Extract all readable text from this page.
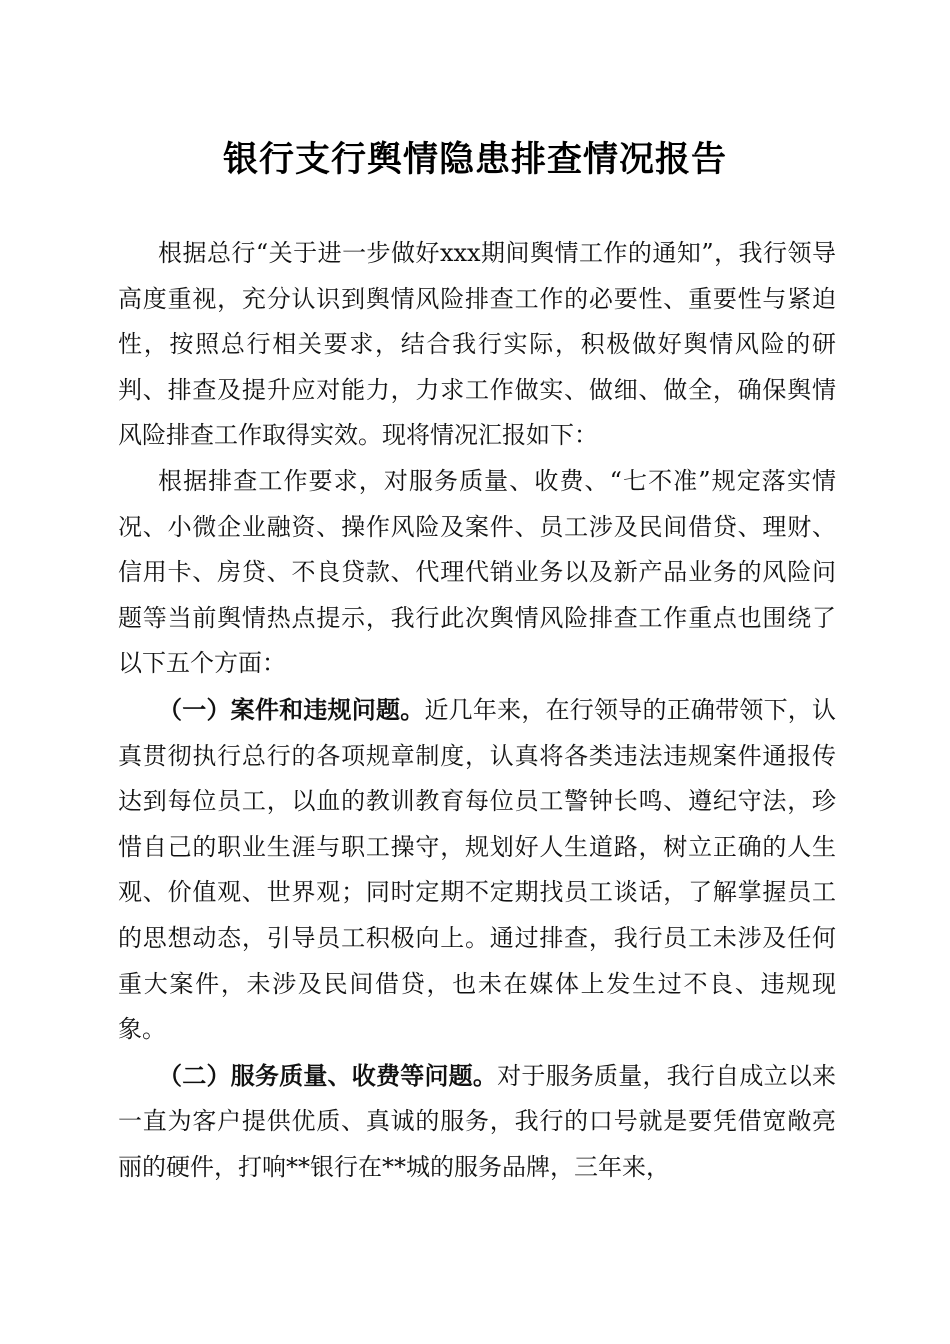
银行支行舆情隐患排查情况报告

根据总行“关于进一步做好xxx期间舆情工作的通知”，我行领导高度重视，充分认识到舆情风险排查工作的必要性、重要性与紧迫性，按照总行相关要求，结合我行实际，积极做好舆情风险的研判、排查及提升应对能力，力求工作做实、做细、做全，确保舆情风险排查工作取得实效。现将情况汇报如下：

根据排查工作要求，对服务质量、收费、“七不准”规定落实情况、小微企业融资、操作风险及案件、员工涉及民间借贷、理财、信用卡、房贷、不良贷款、代理代销业务以及新产品业务的风险问题等当前舆情热点提示，我行此次舆情风险排查工作重点也围绕了以下五个方面：

（一）案件和违规问题。近几年来，在行领导的正确带领下，认真贯彻执行总行的各项规章制度，认真将各类违法违规案件通报传达到每位员工，以血的教训教育每位员工警钟长鸣、遵纪守法，珍惜自己的职业生涯与职工操守，规划好人生道路，树立正确的人生观、价值观、世界观；同时定期不定期找员工谈话，了解掌握员工的思想动态，引导员工积极向上。通过排查，我行员工未涉及任何重大案件，未涉及民间借贷，也未在媒体上发生过不良、违规现象。

（二）服务质量、收费等问题。对于服务质量，我行自成立以来一直为客户提供优质、真诚的服务，我行的口号就是要凭借宽敞亮丽的硬件，打响**银行在**城的服务品牌，三年来，
